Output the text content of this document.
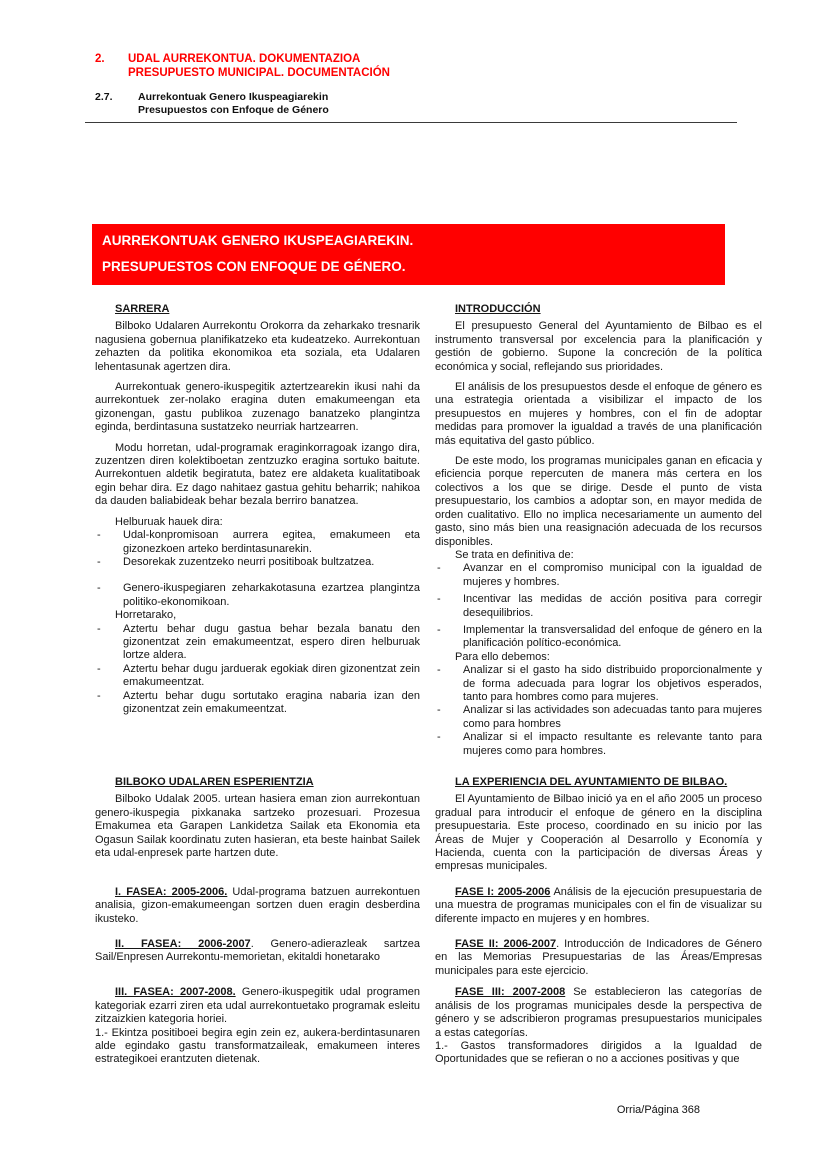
2.	UDAL AURREKONTUA. DOKUMENTAZIOA
PRESUPUESTO MUNICIPAL. DOCUMENTACIÓN
2.7.	Aurrekontuak Genero Ikuspeagiarekin
Presupuestos con Enfoque de Género
AURREKONTUAK GENERO IKUSPEAGIAREKIN.
PRESUPUESTOS CON ENFOQUE DE GÉNERO.

SARRERA

Bilboko Udalaren Aurrekontu Orokorra da zeharkako tresnarik nagusiena gobernua planifikatzeko eta kudeatzeko. Aurrekontuan zehazten da politika ekonomikoa eta soziala, eta Udalaren lehentasunak agertzen dira.

Aurrekontuak genero-ikuspegitik aztertzearekin ikusi nahi da aurrekontuek zer-nolako eragina duten emakumeengan eta gizonengan, gastu publikoa zuzenago banatzeko plangintza eginda, berdintasuna sustatzeko neurriak hartzearren.

Modu horretan, udal-programak eraginkorragoak izango dira, zuzentzen diren kolektiboetan zentzuzko eragina sortuko baitute. Aurrekontuen aldetik begiratuta, batez ere aldaketa kualitatiboak egin behar dira. Ez dago nahitaez gastua gehitu beharrik; nahikoa da dauden baliabideak behar bezala berriro banatzea.

Helburuak hauek dira:

- Udal-konpromisoan aurrera egitea, emakumeen eta gizonezkoen arteko berdintasunarekin.
- Desorekak zuzentzeko neurri positiboak bultzatzea.
- Genero-ikuspegiaren zeharkakotasuna ezartzea plangintza politiko-ekonomikoan.

Horretarako,

- Aztertu behar dugu gastua behar bezala banatu den gizonentzat zein emakumeentzat, espero diren helburuak lortze aldera.
- Aztertu behar dugu jarduerak egokiak diren gizonentzat zein emakumeentzat.
- Aztertu behar dugu sortutako eragina nabaria izan den gizonentzat zein emakumeentzat.

INTRODUCCIÓN

El presupuesto General del Ayuntamiento de Bilbao es el instrumento transversal por excelencia para la planificación y gestión de gobierno. Supone la concreción de la política económica y social, reflejando sus prioridades.

El análisis de los presupuestos desde el enfoque de género es una estrategia orientada a visibilizar el impacto de los presupuestos en mujeres y hombres, con el fin de adoptar medidas para promover la igualdad a través de una planificación más equitativa del gasto público.

De este modo, los programas municipales ganan en eficacia y eficiencia porque repercuten de manera más certera en los colectivos a los que se dirige. Desde el punto de vista presupuestario, los cambios a adoptar son, en mayor medida de orden cualitativo. Ello no implica necesariamente un aumento del gasto, sino más bien una reasignación adecuada de los recursos disponibles.

Se trata en definitiva de:

- Avanzar en el compromiso municipal con la igualdad de mujeres y hombres.
- Incentivar las medidas de acción positiva para corregir desequilibrios.
- Implementar la transversalidad del enfoque de género en la planificación político-económica.

Para ello debemos:

- Analizar si el gasto ha sido distribuido proporcionalmente y de forma adecuada para lograr los objetivos esperados, tanto para hombres como para mujeres.
- Analizar si las actividades son adecuadas tanto para mujeres como para hombres
- Analizar si el impacto resultante es relevante tanto para mujeres como para hombres.

BILBOKO UDALAREN ESPERIENTZIA

Bilboko Udalak 2005. urtean hasiera eman zion aurrekontuan genero-ikuspegia pixkanaka sartzeko prozesuari. Prozesua Emakumea eta Garapen Lankidetza Sailak eta Ekonomia eta Ogasun Sailak koordinatu zuten hasieran, eta beste hainbat Sailek eta udal-enpresek parte hartzen dute.

LA EXPERIENCIA DEL AYUNTAMIENTO DE BILBAO.

El Ayuntamiento de Bilbao inició ya en el año 2005 un proceso gradual para introducir el enfoque de género en la disciplina presupuestaria. Este proceso, coordinado en su inicio por las Áreas de Mujer y Cooperación al Desarrollo y Economía y Hacienda, cuenta con la participación de diversas Áreas y empresas municipales.

I. FASEA: 2005-2006. Udal-programa batzuen aurrekontuen analisia, gizon-emakumeengan sortzen duen eragin desberdina ikusteko.

FASE I: 2005-2006 Análisis de la ejecución presupuestaria de una muestra de programas municipales con el fin de visualizar su diferente impacto en mujeres y en hombres.

II. FASEA: 2006-2007. Genero-adierazleak sartzea Sail/Enpresen Aurrekontu-memorietan, ekitaldi honetarako

FASE II: 2006-2007. Introducción de Indicadores de Género en las Memorias Presupuestarias de las Áreas/Empresas municipales para este ejercicio.

III. FASEA: 2007-2008. Genero-ikuspegitik udal programen kategoriak ezarri ziren eta udal aurrekontuetako programak esleitu zitzaizkien kategoria horiei.

1.- Ekintza positiboei begira egin zein ez, aukera-berdintasunaren alde egindako gastu transformatzaileak, emakumeen interes estrategikoei erantzuten dietenak.

FASE III: 2007-2008 Se establecieron las categorías de análisis de los programas municipales desde la perspectiva de género y se adscribieron programas presupuestarios municipales a estas categorías.

1.- Gastos transformadores dirigidos a la Igualdad de Oportunidades que se refieran o no a acciones positivas y que

Orria/Página 368
